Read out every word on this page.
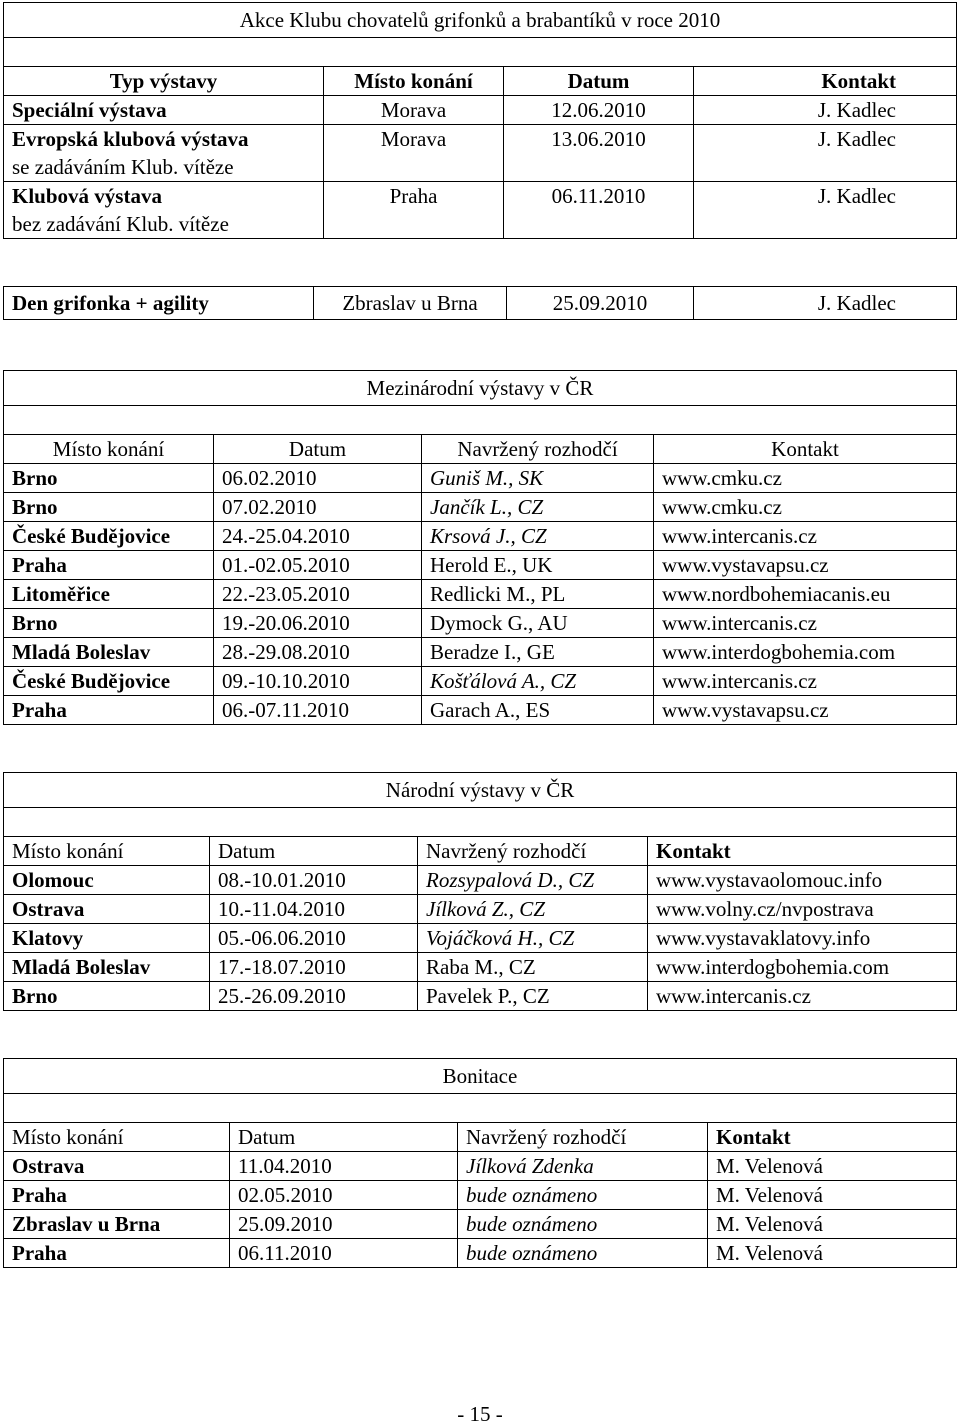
Akce Klubu chovatelů grifonků a brabantíků v roce 2010			

Typ výstavy	Místo konání	Datum	Kontakt
Speciální výstava	Morava	12.06.2010	J. Kadlec
Evropská klubová výstava
se zadáváním Klub. vítěze	Morava	13.06.2010	J. Kadlec
Klubová výstava
bez zadávání Klub. vítěze	Praha	06.11.2010	J. Kadlec
Den grifonka + agility	Zbraslav u Brna	25.09.2010	J. Kadlec
Mezinárodní výstavy v ČR			

Místo konání	Datum	Navržený rozhodčí	Kontakt
Brno	06.02.2010	Guniš M., SK	www.cmku.cz
Brno	07.02.2010	Jančík L., CZ	www.cmku.cz
České Budějovice	24.-25.04.2010	Krsová J., CZ	www.intercanis.cz
Praha	01.-02.05.2010	Herold E., UK	www.vystavapsu.cz
Litoměřice	22.-23.05.2010	Redlicki M., PL	www.nordbohemiacanis.eu
Brno	19.-20.06.2010	Dymock G., AU	www.intercanis.cz
Mladá Boleslav	28.-29.08.2010	Beradze I., GE	www.interdogbohemia.com
České Budějovice	09.-10.10.2010	Košťálová A., CZ	www.intercanis.cz
Praha	06.-07.11.2010	Garach A., ES	www.vystavapsu.cz
Národní výstavy v ČR			

Místo konání	Datum	Navržený rozhodčí	Kontakt
Olomouc	08.-10.01.2010	Rozsypalová D., CZ	www.vystavaolomouc.info
Ostrava	10.-11.04.2010	Jílková Z., CZ	www.volny.cz/nvpostrava
Klatovy	05.-06.06.2010	Vojáčková H., CZ	www.vystavaklatovy.info
Mladá Boleslav	17.-18.07.2010	Raba M., CZ	www.interdogbohemia.com
Brno	25.-26.09.2010	Pavelek P., CZ	www.intercanis.cz
Bonitace			

Místo konání	Datum	Navržený rozhodčí	Kontakt
Ostrava	11.04.2010	Jílková Zdenka	M. Velenová
Praha	02.05.2010	bude oznámeno	M. Velenová
Zbraslav u Brna	25.09.2010	bude oznámeno	M. Velenová
Praha	06.11.2010	bude oznámeno	M. Velenová
- 15 -
